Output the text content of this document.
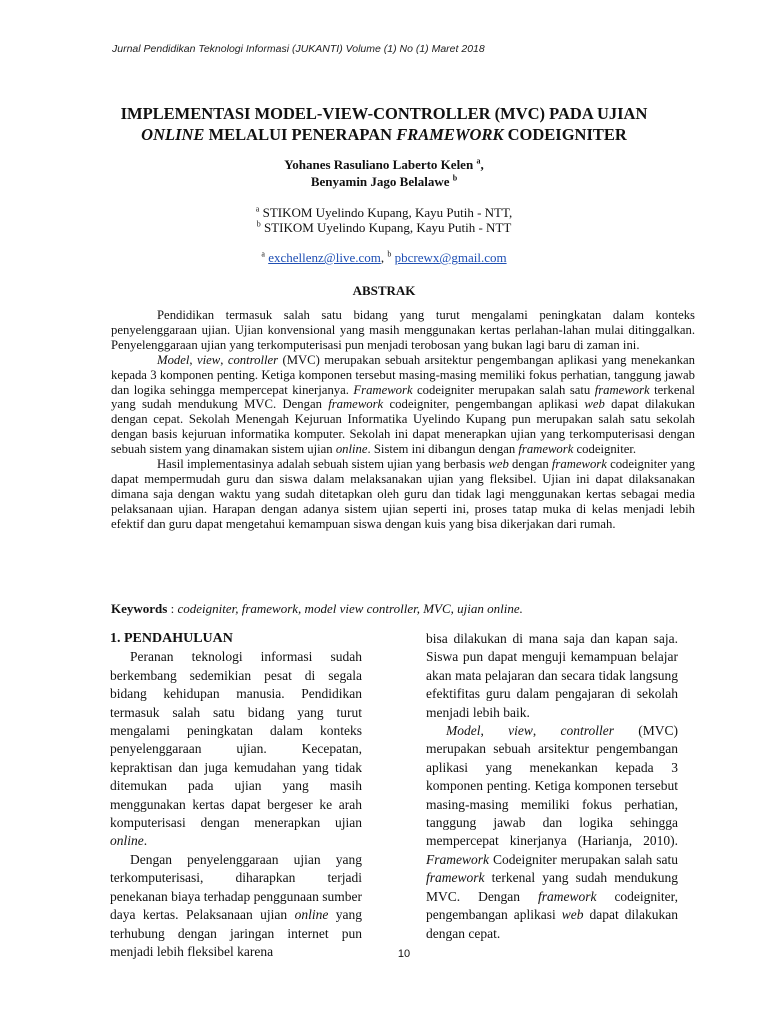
Jurnal Pendidikan Teknologi Informasi (JUKANTI) Volume (1) No (1) Maret 2018
IMPLEMENTASI MODEL-VIEW-CONTROLLER (MVC) PADA UJIAN
ONLINE MELALUI PENERAPAN FRAMEWORK CODEIGNITER
Yohanes Rasuliano Laberto Kelen $^a$,
Benyamin Jago Belalawe $^b$
$^a$ STIKOM Uyelindo Kupang, Kayu Putih - NTT,
$^b$ STIKOM Uyelindo Kupang, Kayu Putih - NTT
$^a$ exchellenz@live.com, $^b$ pbcrewx@gmail.com
ABSTRAK

Pendidikan termasuk salah satu bidang yang turut mengalami peningkatan dalam konteks penyelenggaraan ujian. Ujian konvensional yang masih menggunakan kertas perlahan-lahan mulai ditinggalkan. Penyelenggaraan ujian yang terkomputerisasi pun menjadi terobosan yang bukan lagi baru di zaman ini.

Model, view, controller (MVC) merupakan sebuah arsitektur pengembangan aplikasi yang menekankan kepada 3 komponen penting. Ketiga komponen tersebut masing-masing memiliki fokus perhatian, tanggung jawab dan logika sehingga mempercepat kinerjanya. Framework codeigniter merupakan salah satu framework terkenal yang sudah mendukung MVC. Dengan framework codeigniter, pengembangan aplikasi web dapat dilakukan dengan cepat. Sekolah Menengah Kejuruan Informatika Uyelindo Kupang pun merupakan salah satu sekolah dengan basis kejuruan informatika komputer. Sekolah ini dapat menerapkan ujian yang terkomputerisasi dengan sebuah sistem yang dinamakan sistem ujian online. Sistem ini dibangun dengan framework codeigniter.

Hasil implementasinya adalah sebuah sistem ujian yang berbasis web dengan framework codeigniter yang dapat mempermudah guru dan siswa dalam melaksanakan ujian yang fleksibel. Ujian ini dapat dilaksanakan dimana saja dengan waktu yang sudah ditetapkan oleh guru dan tidak lagi menggunakan kertas sebagai media pelaksanaan ujian. Harapan dengan adanya sistem ujian seperti ini, proses tatap muka di kelas menjadi lebih efektif dan guru dapat mengetahui kemampuan siswa dengan kuis yang bisa dikerjakan dari rumah.

Keywords : codeigniter, framework, model view controller, MVC, ujian online.
1. PENDAHULUAN

Peranan teknologi informasi sudah berkembang sedemikian pesat di segala bidang kehidupan manusia. Pendidikan termasuk salah satu bidang yang turut mengalami peningkatan dalam konteks penyelenggaraan ujian. Kecepatan, kepraktisan dan juga kemudahan yang tidak ditemukan pada ujian yang masih menggunakan kertas dapat bergeser ke arah komputerisasi dengan menerapkan ujian online.

Dengan penyelenggaraan ujian yang terkomputerisasi, diharapkan terjadi penekanan biaya terhadap penggunaan sumber daya kertas. Pelaksanaan ujian online yang terhubung dengan jaringan internet pun menjadi lebih fleksibel karena

bisa dilakukan di mana saja dan kapan saja. Siswa pun dapat menguji kemampuan belajar akan mata pelajaran dan secara tidak langsung efektifitas guru dalam pengajaran di sekolah menjadi lebih baik.

Model, view, controller (MVC) merupakan sebuah arsitektur pengembangan aplikasi yang menekankan kepada 3 komponen penting. Ketiga komponen tersebut masing-masing memiliki fokus perhatian, tanggung jawab dan logika sehingga mempercepat kinerjanya (Harianja, 2010). Framework Codeigniter merupakan salah satu framework terkenal yang sudah mendukung MVC. Dengan framework codeigniter, pengembangan aplikasi web dapat dilakukan dengan cepat.

10
